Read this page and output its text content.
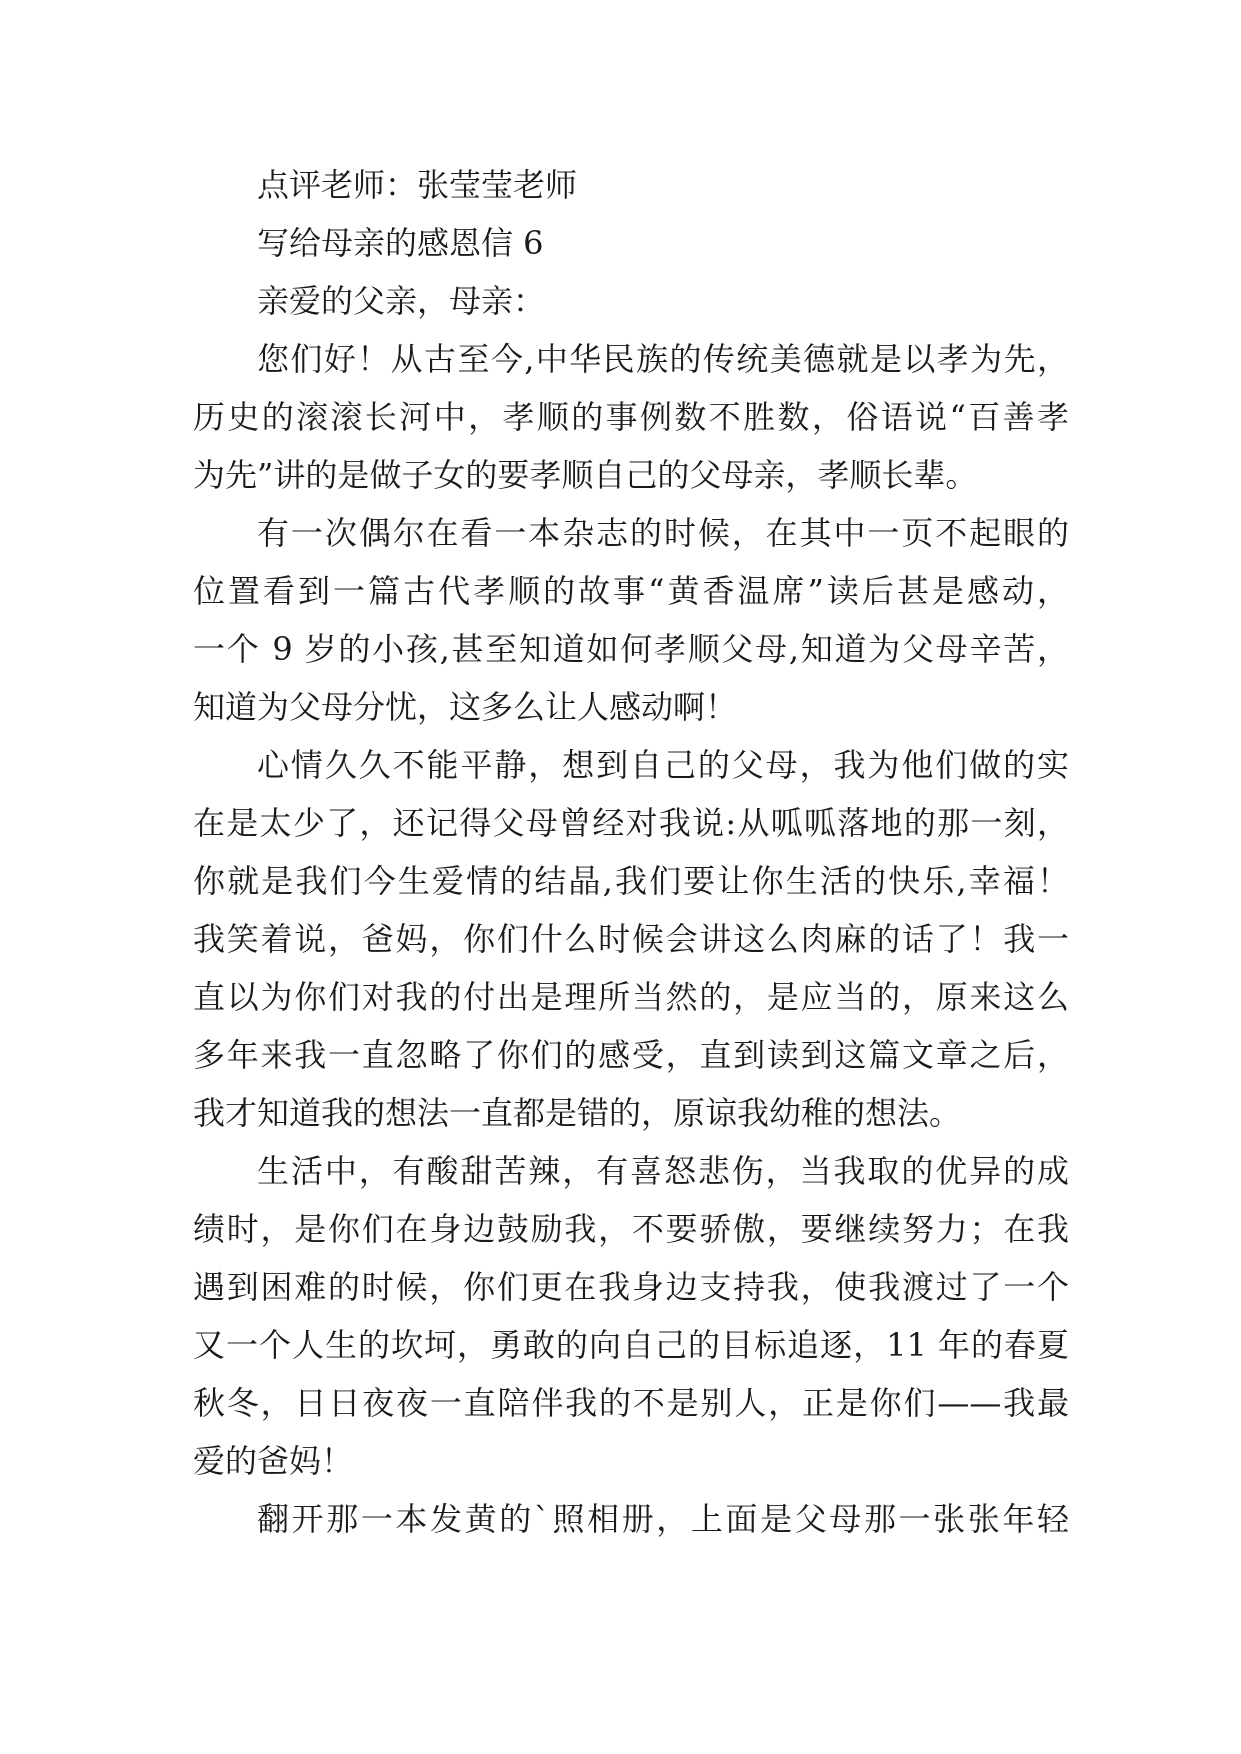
点评老师：张莹莹老师
写给母亲的感恩信 6
亲爱的父亲，母亲：
您们好！从古至今,中华民族的传统美德就是以孝为先，
历史的滚滚长河中，孝顺的事例数不胜数，俗语说“百善孝
为先”讲的是做子女的要孝顺自己的父母亲，孝顺长辈。
有一次偶尔在看一本杂志的时候，在其中一页不起眼的
位置看到一篇古代孝顺的故事“黄香温席”读后甚是感动，
一个 9 岁的小孩,甚至知道如何孝顺父母,知道为父母辛苦，
知道为父母分忧，这多么让人感动啊！
心情久久不能平静，想到自己的父母，我为他们做的实
在是太少了，还记得父母曾经对我说:从呱呱落地的那一刻，
你就是我们今生爱情的结晶,我们要让你生活的快乐,幸福！
我笑着说，爸妈，你们什么时候会讲这么肉麻的话了！我一
直以为你们对我的付出是理所当然的，是应当的，原来这么
多年来我一直忽略了你们的感受，直到读到这篇文章之后，
我才知道我的想法一直都是错的，原谅我幼稚的想法。
生活中，有酸甜苦辣，有喜怒悲伤，当我取的优异的成
绩时，是你们在身边鼓励我，不要骄傲，要继续努力；在我
遇到困难的时候，你们更在我身边支持我，使我渡过了一个
又一个人生的坎坷，勇敢的向自己的目标追逐，11 年的春夏
秋冬，日日夜夜一直陪伴我的不是别人，正是你们——我最
爱的爸妈！
翻开那一本发黄的`照相册，上面是父母那一张张年轻
